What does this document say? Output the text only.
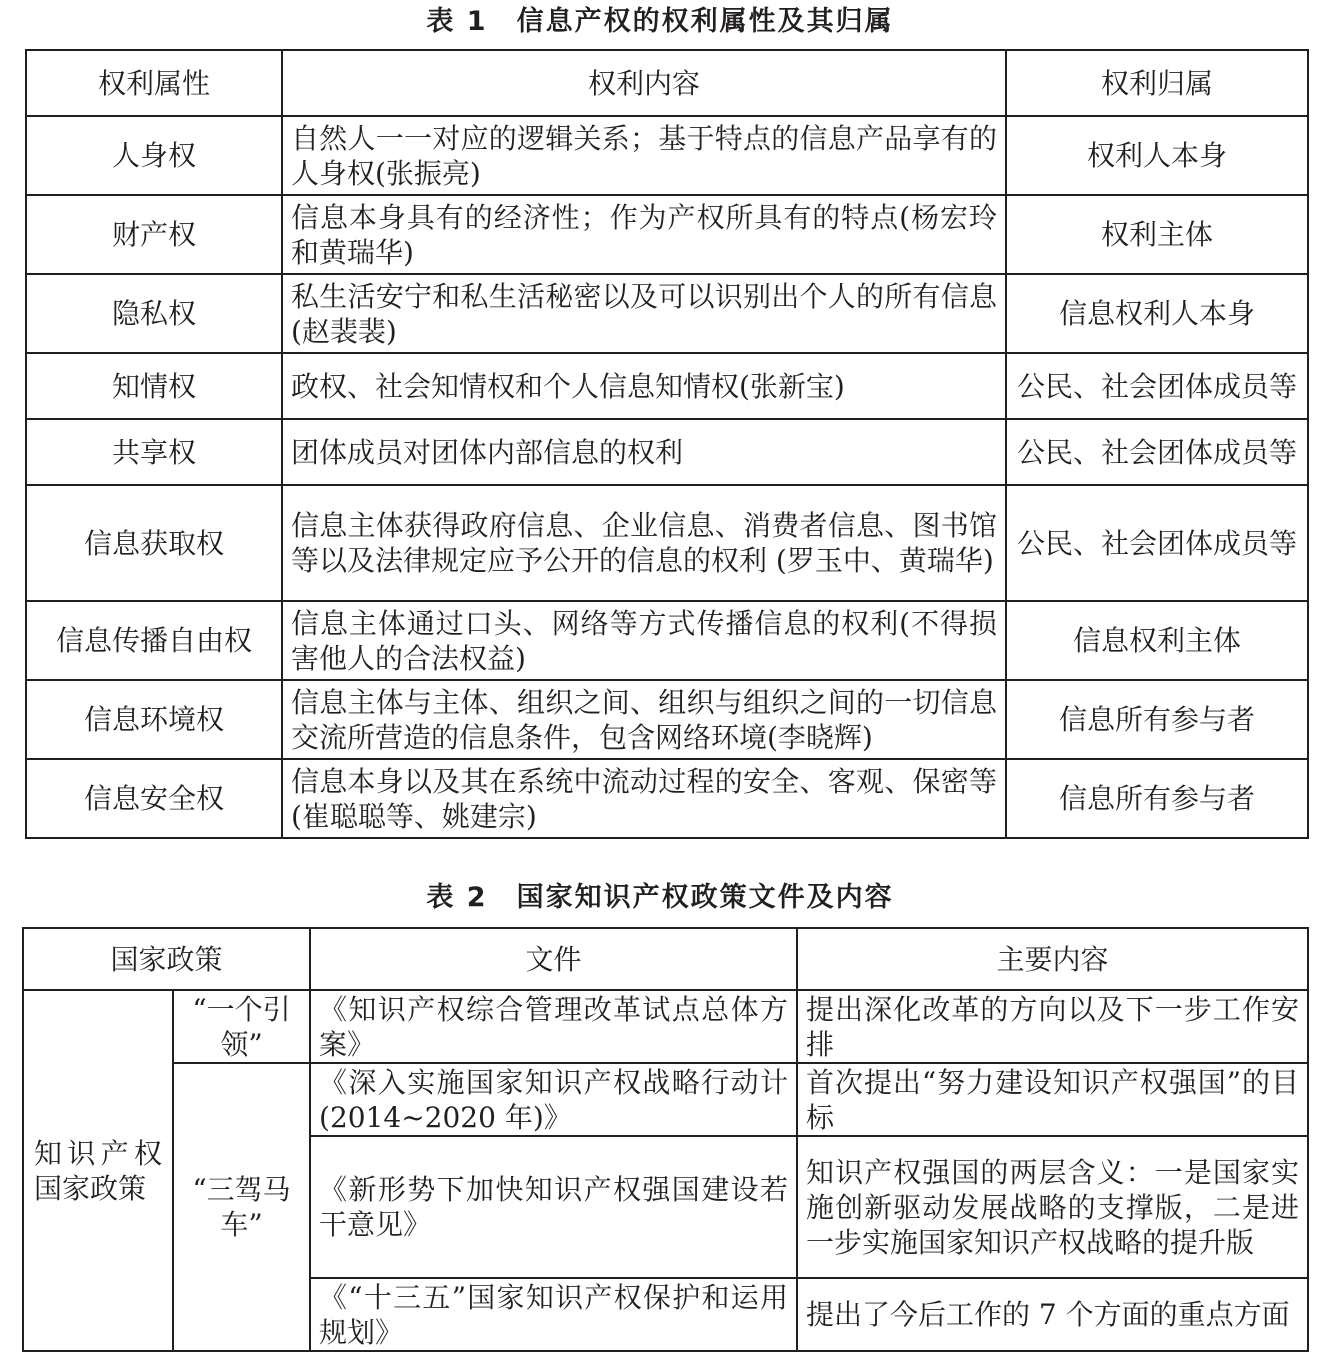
表 1　信息产权的权利属性及其归属
权利属性	权利内容	权利归属
人身权	自然人一一对应的逻辑关系；基于特点的信息产品享有的人身权(张振亮)	权利人本身
财产权	信息本身具有的经济性；作为产权所具有的特点(杨宏玲和黄瑞华)	权利主体
隐私权	私生活安宁和私生活秘密以及可以识别出个人的所有信息(赵裴裴)	信息权利人本身
知情权	政权、社会知情权和个人信息知情权(张新宝)	公民、社会团体成员等
共享权	团体成员对团体内部信息的权利	公民、社会团体成员等
信息获取权	信息主体获得政府信息、企业信息、消费者信息、图书馆等以及法律规定应予公开的信息的权利 (罗玉中、黄瑞华)	公民、社会团体成员等
信息传播自由权	信息主体通过口头、网络等方式传播信息的权利(不得损害他人的合法权益)	信息权利主体
信息环境权	信息主体与主体、组织之间、组织与组织之间的一切信息交流所营造的信息条件，包含网络环境(李晓辉)	信息所有参与者
信息安全权	信息本身以及其在系统中流动过程的安全、客观、保密等(崔聪聪等、姚建宗)	信息所有参与者
表 2　国家知识产权政策文件及内容
国家政策		文件	主要内容
知识产权国家政策	“一个引领”	《知识产权综合管理改革试点总体方案》	提出深化改革的方向以及下一步工作安排
	“三驾马车”	《深入实施国家知识产权战略行动计(2014~2020 年)》	首次提出“努力建设知识产权强国”的目标
		《新形势下加快知识产权强国建设若干意见》	知识产权强国的两层含义：一是国家实施创新驱动发展战略的支撑版，二是进一步实施国家知识产权战略的提升版
		《“十三五”国家知识产权保护和运用规划》	提出了今后工作的 7 个方面的重点方面
